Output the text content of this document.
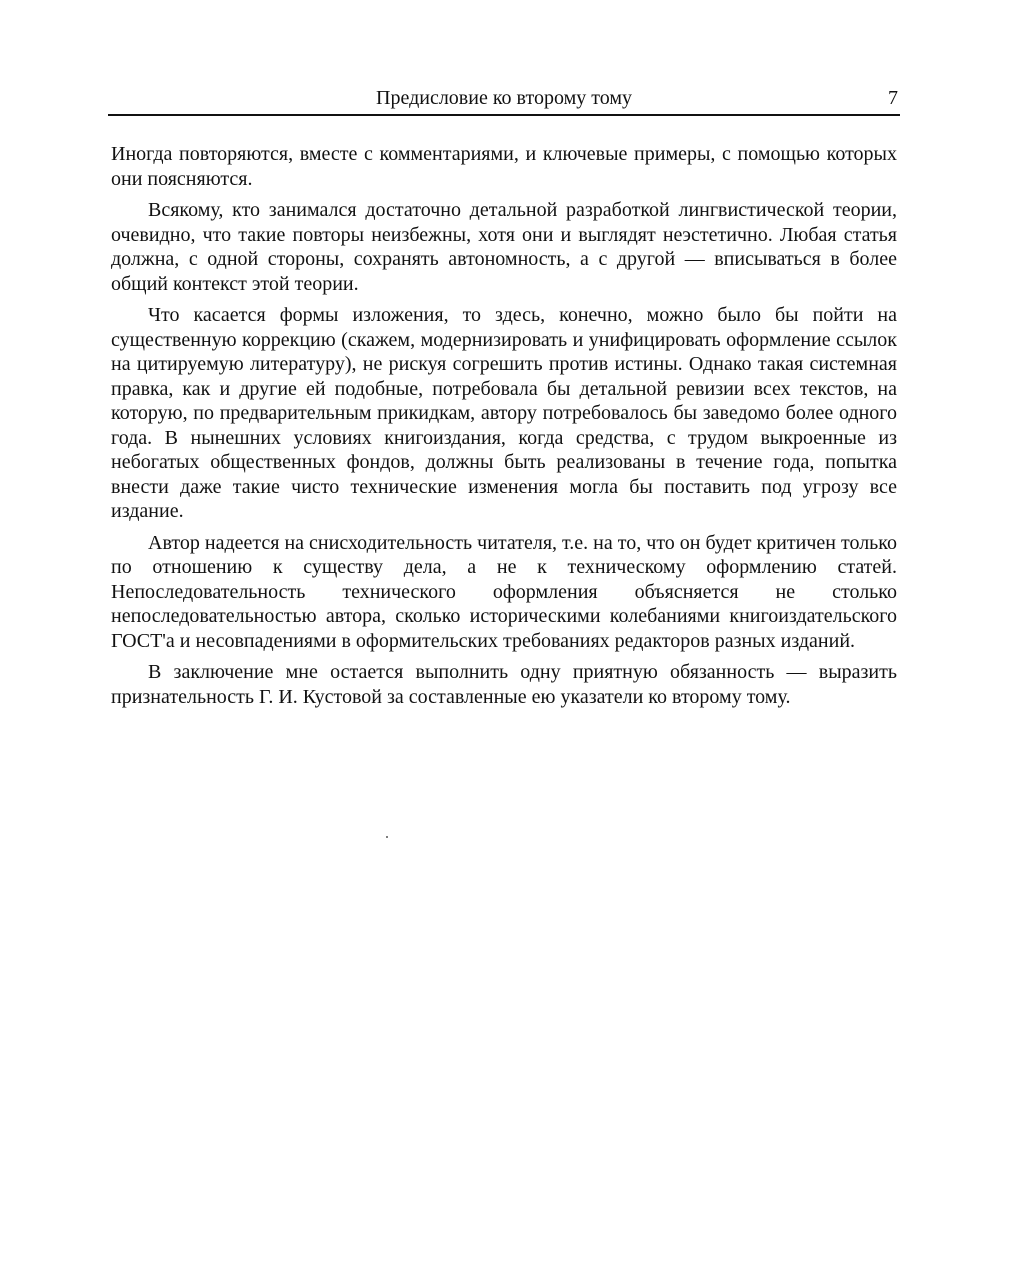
Предисловие ко второму тому	7

Иногда повторяются, вместе с комментариями, и ключевые примеры, с помощью которых они поясняются.

Всякому, кто занимался достаточно детальной разработкой лингвистической теории, очевидно, что такие повторы неизбежны, хотя они и выглядят неэстетично. Любая статья должна, с одной стороны, сохранять автономность, а с другой — вписываться в более общий контекст этой теории.

Что касается формы изложения, то здесь, конечно, можно было бы пойти на существенную коррекцию (скажем, модернизировать и унифицировать оформление ссылок на цитируемую литературу), не рискуя согрешить против истины. Однако такая системная правка, как и другие ей подобные, потребовала бы детальной ревизии всех текстов, на которую, по предварительным прикидкам, автору потребовалось бы заведомо более одного года. В нынешних условиях книгоиздания, когда средства, с трудом выкроенные из небогатых общественных фондов, должны быть реализованы в течение года, попытка внести даже такие чисто технические изменения могла бы поставить под угрозу все издание.

Автор надеется на снисходительность читателя, т.е. на то, что он будет критичен только по отношению к существу дела, а не к техническому оформлению статей. Непоследовательность технического оформления объясняется не столько непоследовательностью автора, сколько историческими колебаниями книгоиздательского ГОСТ'а и несовпадениями в оформительских требованиях редакторов разных изданий.

В заключение мне остается выполнить одну приятную обязанность — выразить признательность Г. И. Кустовой за составленные ею указатели ко второму тому.
